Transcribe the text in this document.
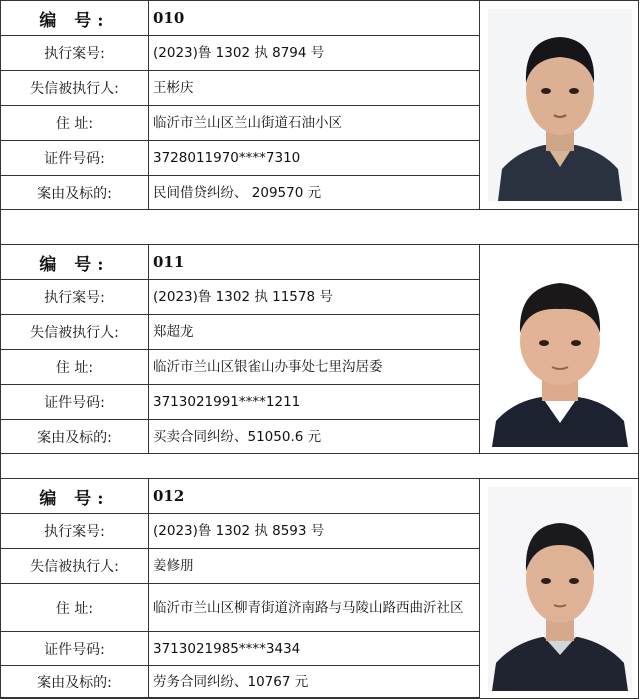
编 号:	010
执行案号:	(2023)鲁 1302 执 8794 号
失信被执行人:	王彬庆
住 址:	临沂市兰山区兰山街道石油小区
证件号码:	3728011970****7310
案由及标的:	民间借贷纠纷、 209570 元
编 号:	011
执行案号:	(2023)鲁 1302 执 11578 号
失信被执行人:	郑超龙
住 址:	临沂市兰山区银雀山办事处七里沟居委
证件号码:	3713021991****1211
案由及标的:	买卖合同纠纷、51050.6 元
编 号:	012
执行案号:	(2023)鲁 1302 执 8593 号
失信被执行人:	姜修朋
住 址:	临沂市兰山区柳青街道济南路与马陵山路西曲沂社区
证件号码:	3713021985****3434
案由及标的:	劳务合同纠纷、10767 元
